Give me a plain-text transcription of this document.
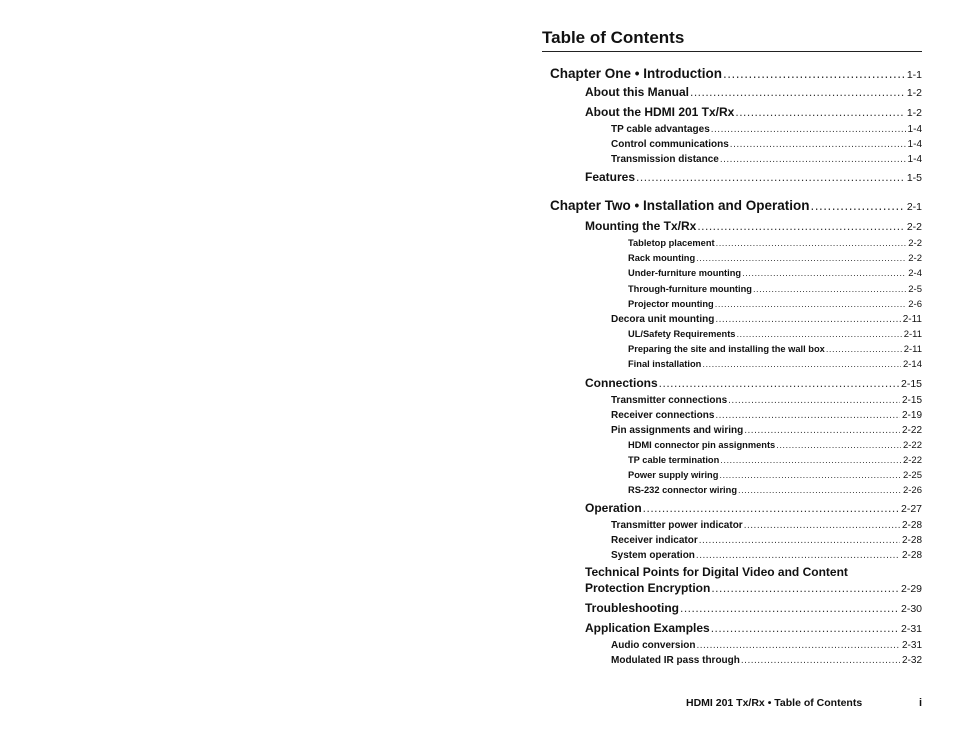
Table of Contents
Chapter One • Introduction .....	1-1
About this Manual .....	1-2
About the HDMI 201 Tx/Rx .....	1-2
TP cable advantages .....	1-4
Control communications .....	1-4
Transmission distance .....	1-4
Features .....	1-5
Chapter Two • Installation and Operation .....	2-1
Mounting the Tx/Rx .....	2-2
Tabletop placement .....	2-2
Rack mounting .....	2-2
Under-furniture mounting .....	2-4
Through-furniture mounting .....	2-5
Projector mounting .....	2-6
Decora unit mounting .....	2-11
UL/Safety Requirements .....	2-11
Preparing the site and installing the wall box .....	2-11
Final installation .....	2-14
Connections .....	2-15
Transmitter connections .....	2-15
Receiver connections .....	2-19
Pin assignments and wiring .....	2-22
HDMI connector pin assignments .....	2-22
TP cable termination .....	2-22
Power supply wiring .....	2-25
RS-232 connector wiring .....	2-26
Operation .....	2-27
Transmitter power indicator .....	2-28
Receiver indicator .....	2-28
System operation .....	2-28
Technical Points for Digital Video and Content
Protection Encryption .....	2-29
Troubleshooting .....	2-30
Application Examples .....	2-31
Audio conversion .....	2-31
Modulated IR pass through .....	2-32
HDMI 201 Tx/Rx • Table of Contents	i
